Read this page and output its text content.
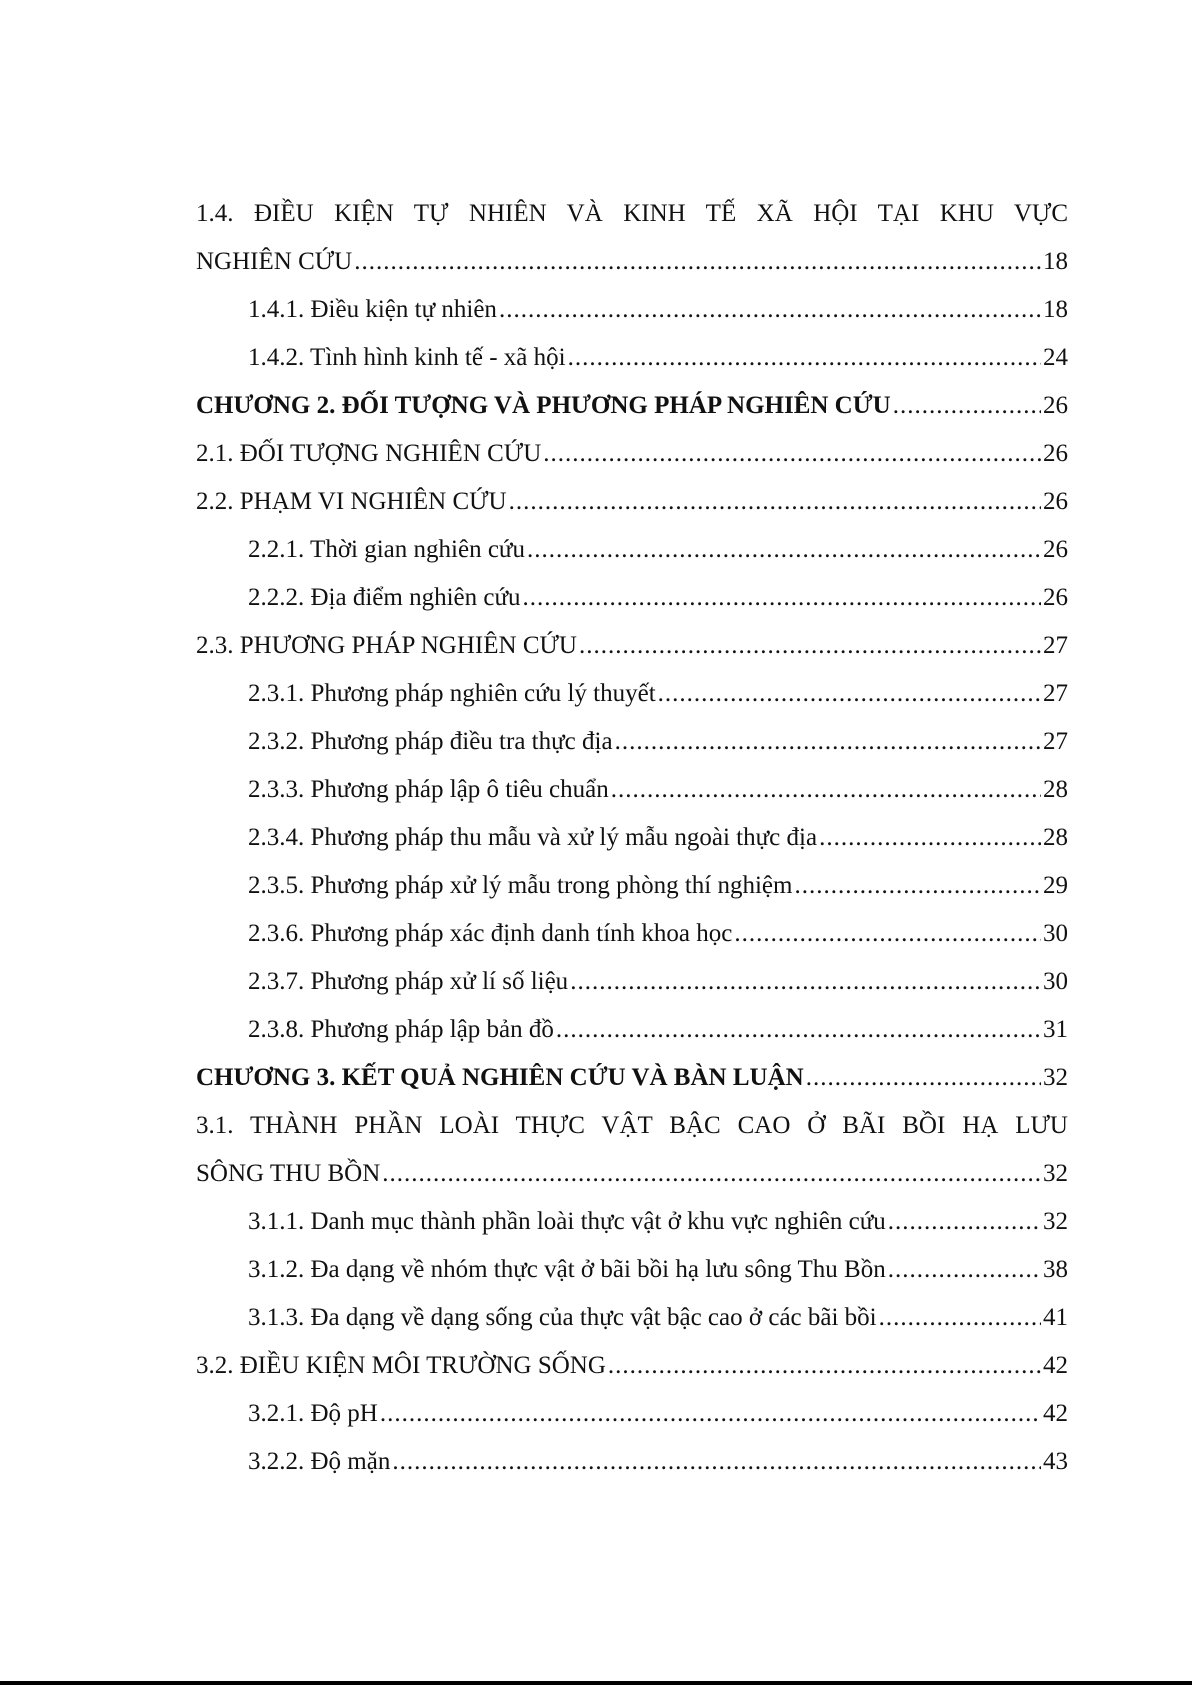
1.4. ĐIỀU KIỆN TỰ NHIÊN VÀ KINH TẾ XÃ HỘI TẠI KHU VỰC
NGHIÊN CỨU .....	18
1.4.1. Điều kiện tự nhiên .....	18
1.4.2. Tình hình kinh tế - xã hội .....	24
CHƯƠNG 2. ĐỐI TƯỢNG VÀ PHƯƠNG PHÁP NGHIÊN CỨU .....	26
2.1. ĐỐI TƯỢNG NGHIÊN CỨU .....	26
2.2. PHẠM VI NGHIÊN CỨU .....	26
2.2.1. Thời gian nghiên cứu .....	26
2.2.2. Địa điểm nghiên cứu .....	26
2.3. PHƯƠNG PHÁP NGHIÊN CỨU .....	27
2.3.1. Phương pháp nghiên cứu lý thuyết .....	27
2.3.2. Phương pháp điều tra thực địa .....	27
2.3.3. Phương pháp lập ô tiêu chuẩn .....	28
2.3.4. Phương pháp thu mẫu và xử lý mẫu ngoài thực địa .....	28
2.3.5. Phương pháp xử lý mẫu trong phòng thí nghiệm .....	29
2.3.6. Phương pháp xác định danh tính khoa học .....	30
2.3.7. Phương pháp xử lí số liệu .....	30
2.3.8. Phương pháp lập bản đồ .....	31
CHƯƠNG 3. KẾT QUẢ NGHIÊN CỨU VÀ BÀN LUẬN .....	32
3.1. THÀNH PHẦN LOÀI THỰC VẬT BẬC CAO Ở BÃI BỒI HẠ LƯU
SÔNG THU BỒN .....	32
3.1.1. Danh mục thành phần loài thực vật ở khu vực nghiên cứu .....	32
3.1.2. Đa dạng về nhóm thực vật ở bãi bồi hạ lưu sông Thu Bồn .....	38
3.1.3. Đa dạng về dạng sống của thực vật bậc cao ở các bãi bồi .....	41
3.2. ĐIỀU KIỆN MÔI TRƯỜNG SỐNG .....	42
3.2.1. Độ pH .....	42
3.2.2. Độ mặn .....	43
